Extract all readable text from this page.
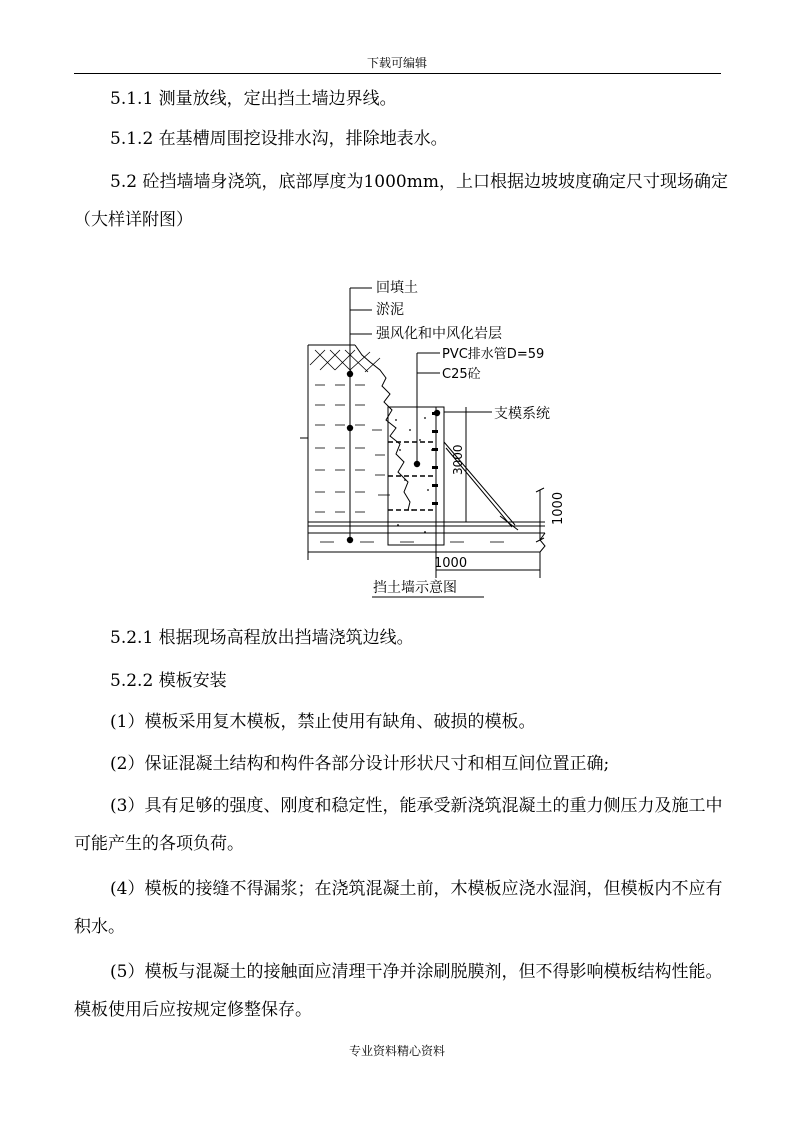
下载可编辑
5.1.1 测量放线，定出挡土墙边界线。
5.1.2 在基槽周围挖设排水沟，排除地表水。
5.2 砼挡墙墙身浇筑，底部厚度为1000mm，上口根据边坡坡度确定尺寸现场确定（大样详附图）
回填土
淤泥
强风化和中风化岩层
PVC排水管D=59
C25砼
支模系统
3000
1000
1000
挡土墙示意图
5.2.1 根据现场高程放出挡墙浇筑边线。
5.2.2 模板安装
(1）模板采用复木模板，禁止使用有缺角、破损的模板。
(2）保证混凝土结构和构件各部分设计形状尺寸和相互间位置正确;
(3）具有足够的强度、刚度和稳定性，能承受新浇筑混凝土的重力侧压力及施工中可能产生的各项负荷。
(4）模板的接缝不得漏浆；在浇筑混凝土前，木模板应浇水湿润，但模板内不应有积水。
(5）模板与混凝土的接触面应清理干净并涂刷脱膜剂，但不得影响模板结构性能。模板使用后应按规定修整保存。
专业资料精心资料
